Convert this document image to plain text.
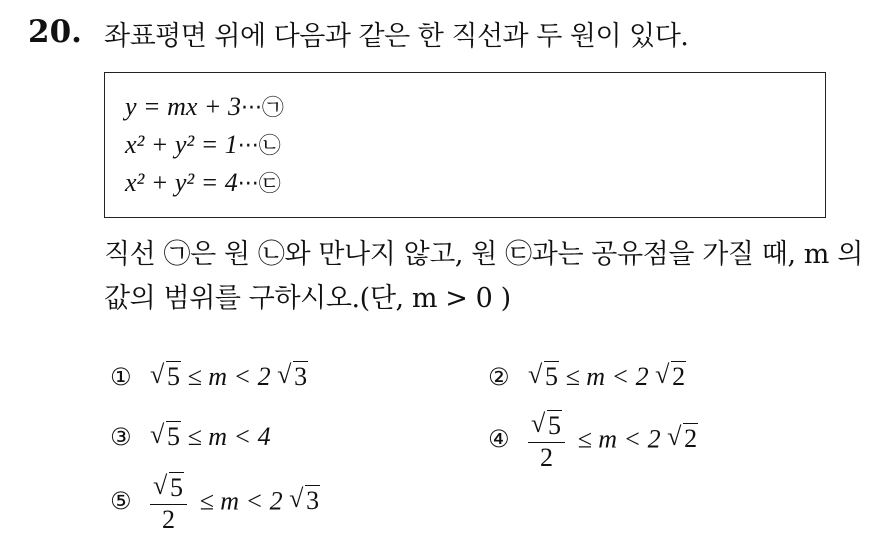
20. 좌표평면 위에 다음과 같은 한 직선과 두 원이 있다.
y = mx + 3···㉠
x² + y² = 1···㉡
x² + y² = 4···㉢
직선 ㉠은 원 ㉡와 만나지 않고, 원 ㉢과는 공유점을 가질 때, m 의
값의 범위를 구하시오.(단, m > 0 )
① √ 5 ≤ m < 2 √ 3	② √ 5 ≤ m < 2 √ 2
③ √ 5 ≤ m < 4	④ √ $\frac{5}{2} \le m < 2$ √ 2
⑤ √ $\frac{5}{2} \le m < 2$ √ 3
